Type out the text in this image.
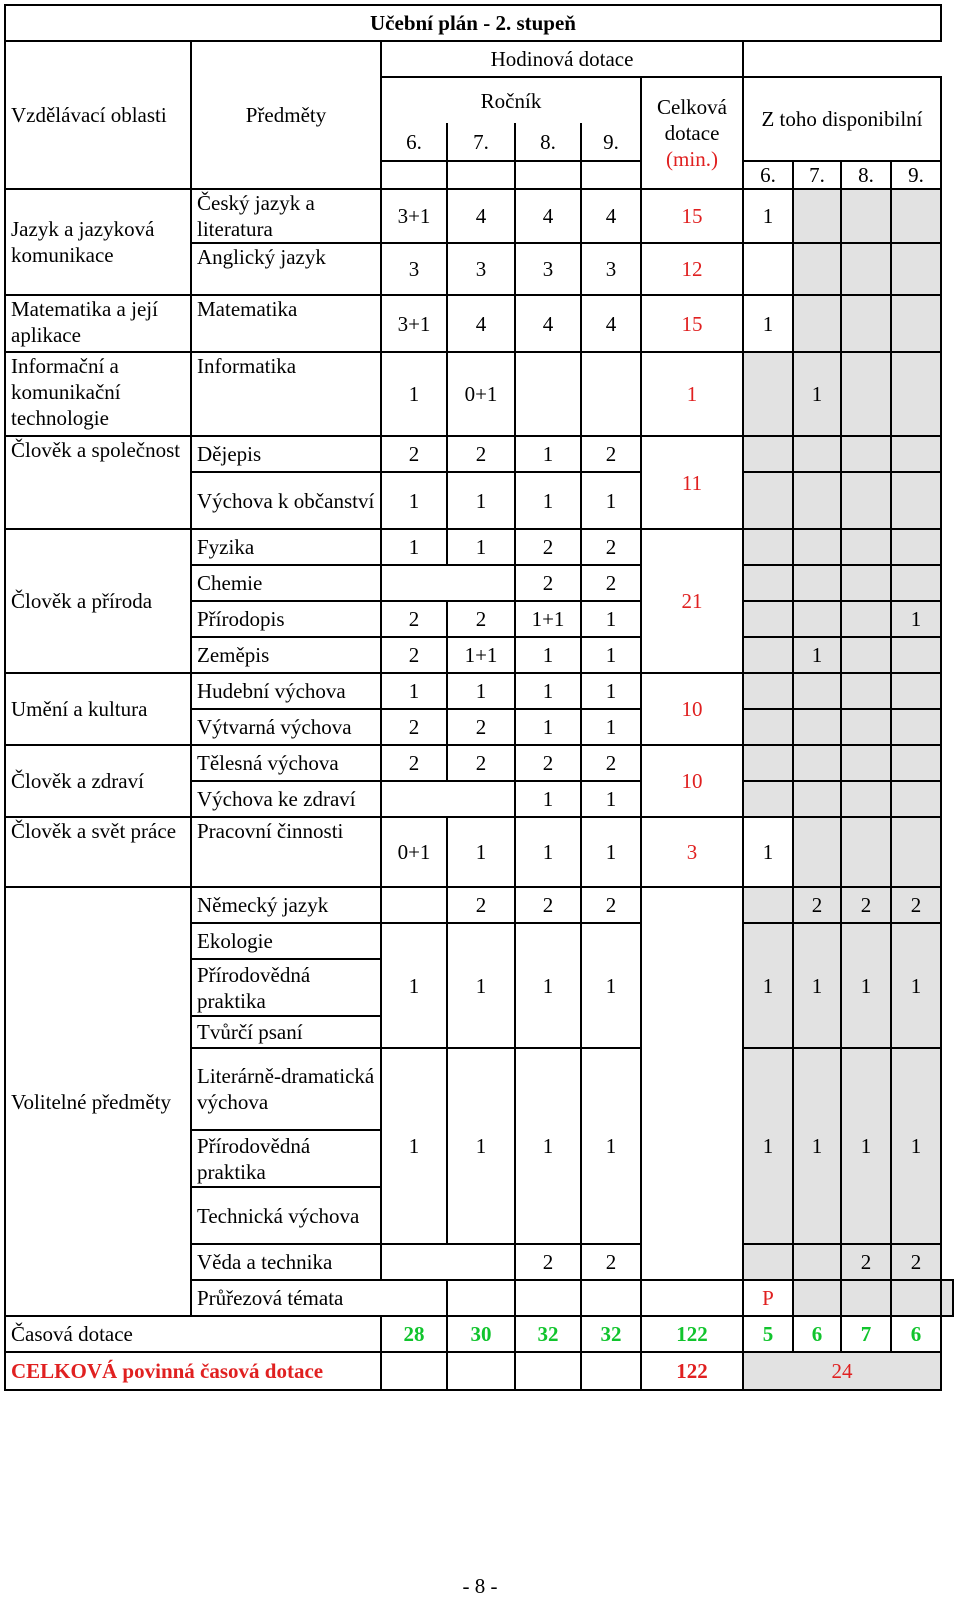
Učební plán - 2. stupeň											
Vzdělávací oblasti	Předměty	Hodinová dotace									
		Ročník				Celková dotace
(min.)	Z toho disponibilní				
		6.	7.	8.	9.						
							6.	7.	8.	9.	
Jazyk a jazyková komunikace	Český jazyk a literatura	3+1	4	4	4	15	1				
	Anglický jazyk	3	3	3	3	12					
Matematika a její aplikace	Matematika	3+1	4	4	4	15	1				
Informační a komunikační technologie	Informatika	1	0+1			1		1			
Člověk a společnost	Dějepis	2	2	1	2	11					
	Výchova k občanství	1	1	1	1						
Člověk a příroda	Fyzika	1	1	2	2	21					
	Chemie			2	2						
	Přírodopis	2	2	1+1	1					1	
	Zeměpis	2	1+1	1	1			1			
Umění a kultura	Hudební výchova	1	1	1	1	10					
	Výtvarná výchova	2	2	1	1						
Člověk a zdraví	Tělesná výchova	2	2	2	2	10					
	Výchova ke zdraví			1	1						
Člověk a svět práce	Pracovní činnosti	0+1	1	1	1	3	1				
Volitelné předměty	Německý jazyk		2	2	2			2	2	2	
	Ekologie	1	1	1	1		1	1	1	1	
	Přírodovědná praktika										
	Tvůrčí psaní										
	Literárně-dramatická výchova	1	1	1	1		1	1	1	1	
	Přírodovědná praktika										
	Technická výchova										
	Věda a technika			2	2				2	2	
	Průřezová témata						P				
Časová dotace		28	30	32	32	122	5	6	7	6	
CELKOVÁ povinná časová dotace						122	24				
- 8 -
